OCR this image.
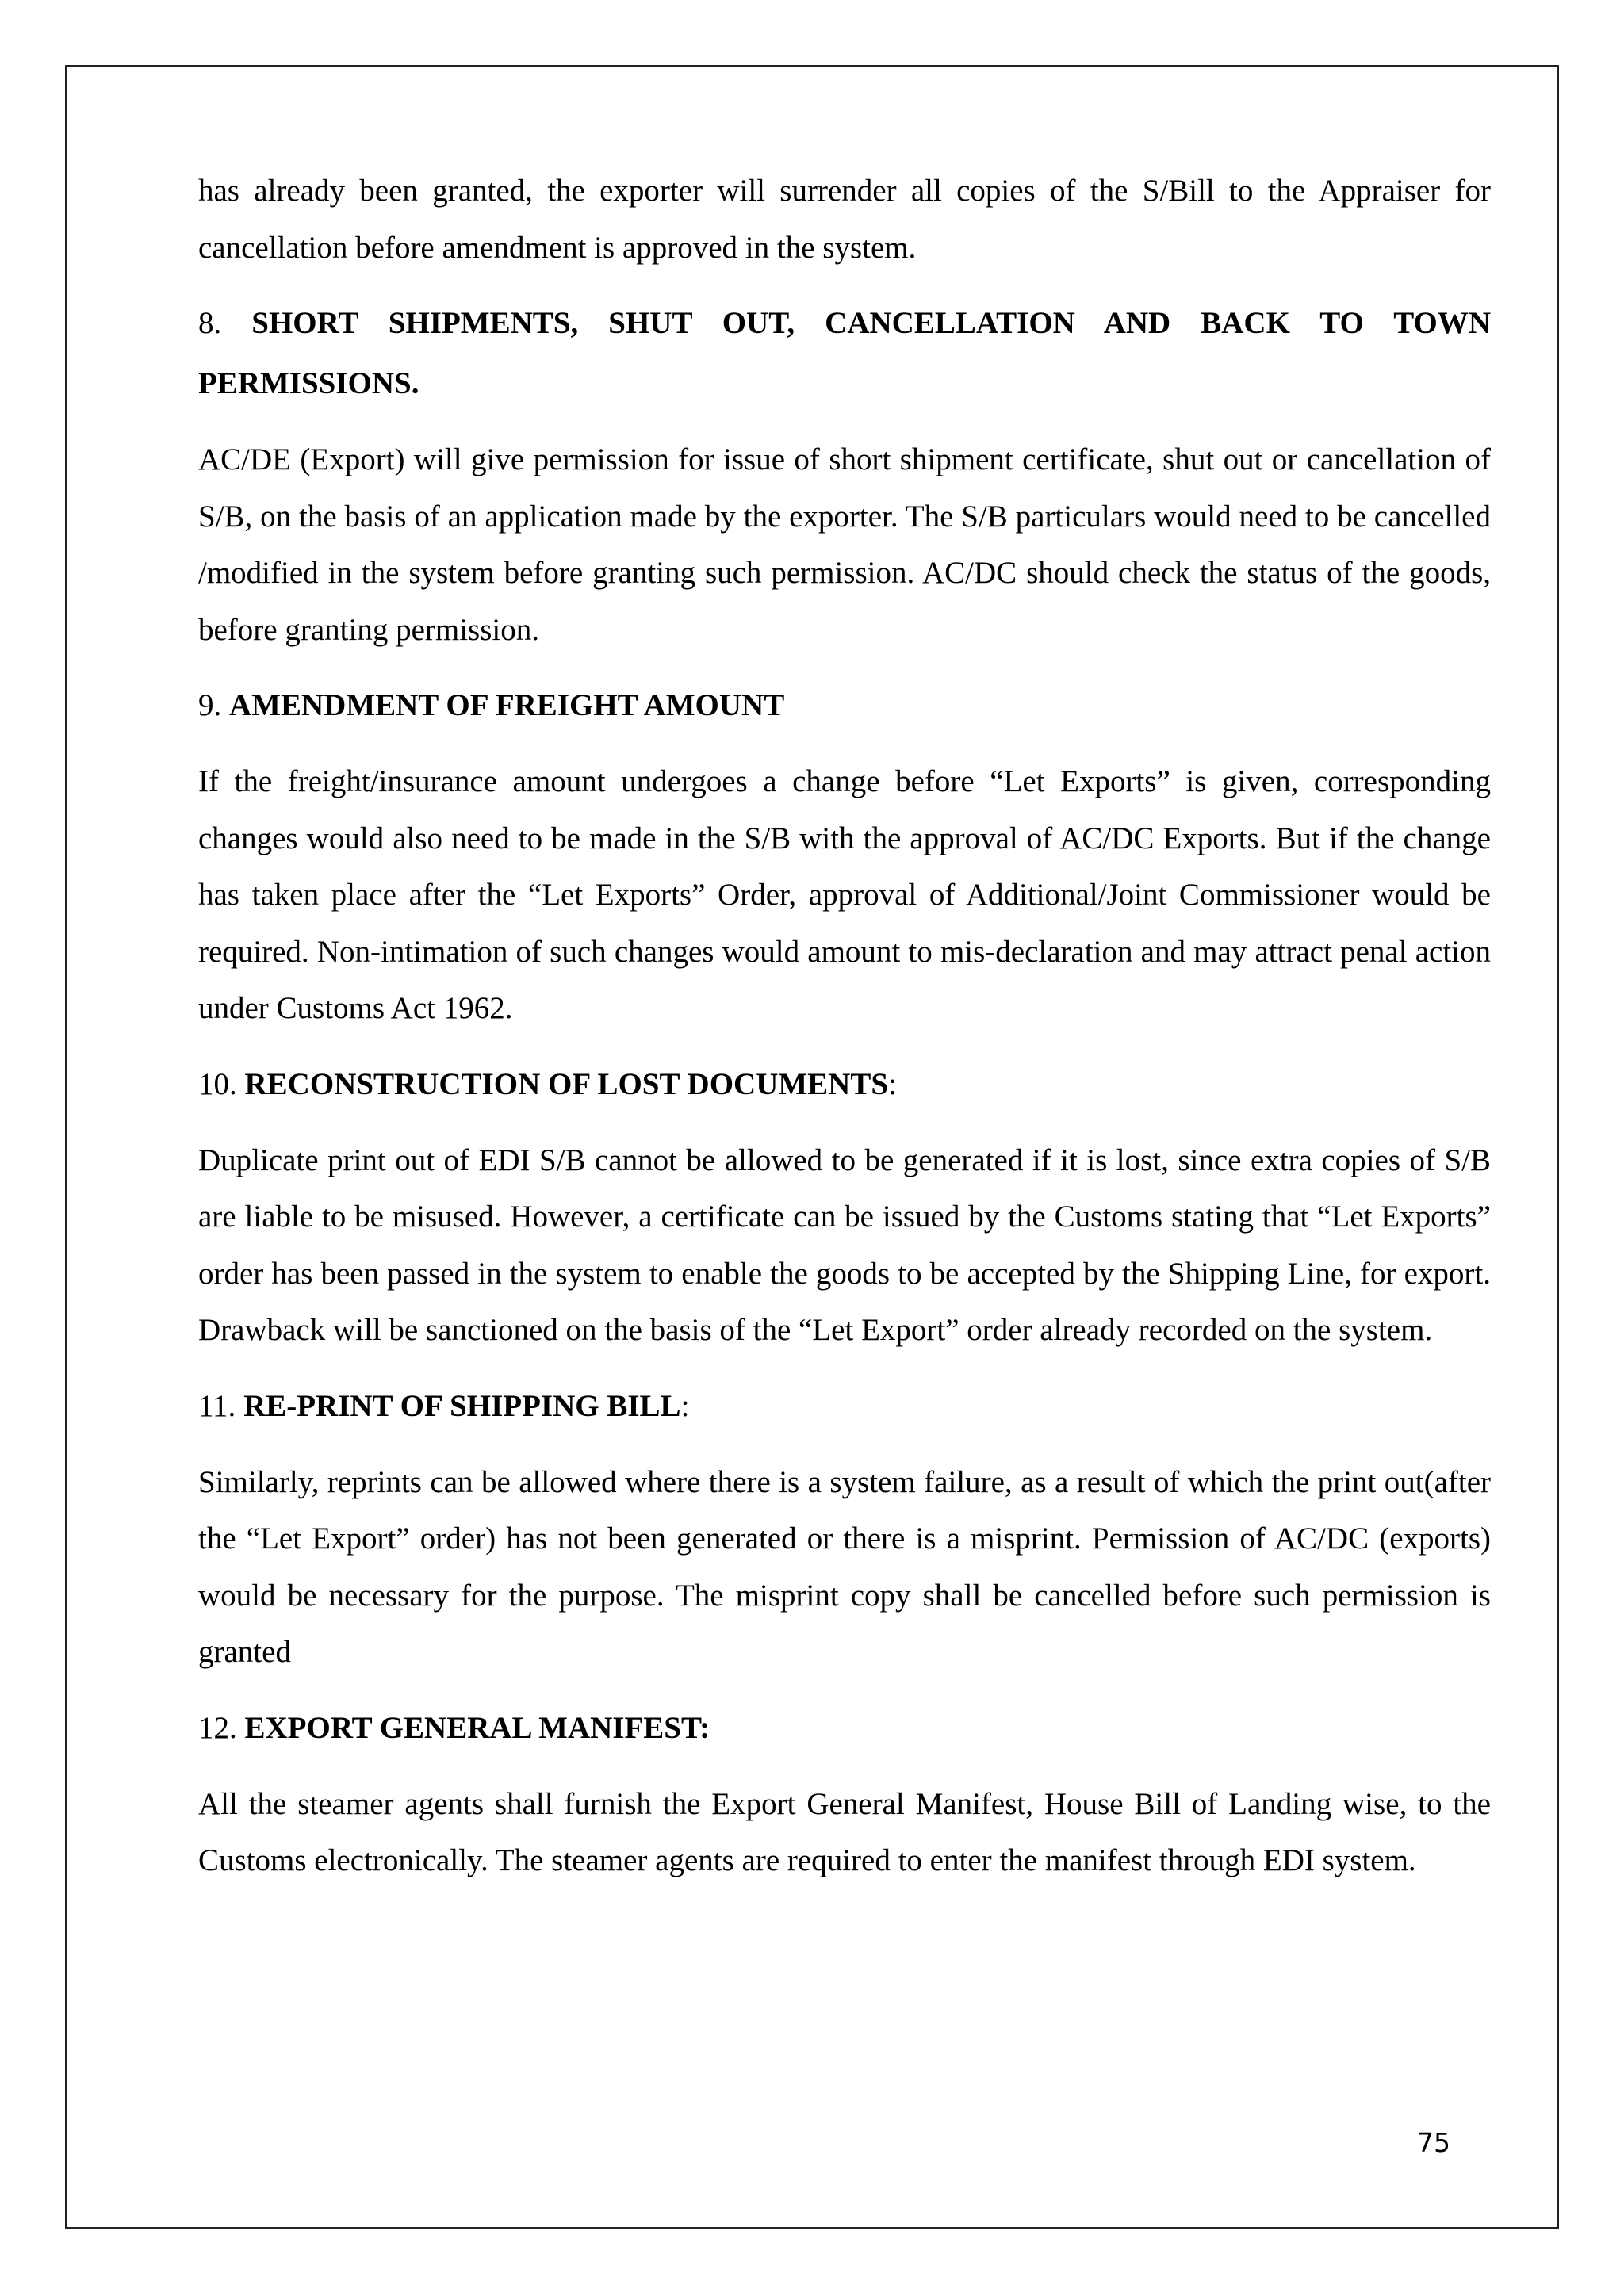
has already been granted, the exporter will surrender all copies of the S/Bill to the Appraiser for cancellation before amendment is approved in the system.

8. SHORT SHIPMENTS, SHUT OUT, CANCELLATION AND BACK TO TOWN PERMISSIONS.

AC/DE (Export) will give permission for issue of short shipment certificate, shut out or cancellation of S/B, on the basis of an application made by the exporter. The S/B particulars would need to be cancelled /modified in the system before granting such permission. AC/DC should check the status of the goods, before granting permission.

9. AMENDMENT OF FREIGHT AMOUNT

If the freight/insurance amount undergoes a change before “Let Exports” is given, corresponding changes would also need to be made in the S/B with the approval of AC/DC Exports. But if the change has taken place after the “Let Exports” Order, approval of Additional/Joint Commissioner would be required. Non-intimation of such changes would amount to mis-declaration and may attract penal action under Customs Act 1962.

10. RECONSTRUCTION OF LOST DOCUMENTS:

Duplicate print out of EDI S/B cannot be allowed to be generated if it is lost, since extra copies of S/B are liable to be misused. However, a certificate can be issued by the Customs stating that “Let Exports” order has been passed in the system to enable the goods to be accepted by the Shipping Line, for export. Drawback will be sanctioned on the basis of the “Let Export” order already recorded on the system.

11. RE-PRINT OF SHIPPING BILL:

Similarly, reprints can be allowed where there is a system failure, as a result of which the print out(after the “Let Export” order) has not been generated or there is a misprint. Permission of AC/DC (exports) would be necessary for the purpose. The misprint copy shall be cancelled before such permission is granted

12. EXPORT GENERAL MANIFEST:

All the steamer agents shall furnish the Export General Manifest, House Bill of Landing wise, to the Customs electronically. The steamer agents are required to enter the manifest through EDI system.

75
